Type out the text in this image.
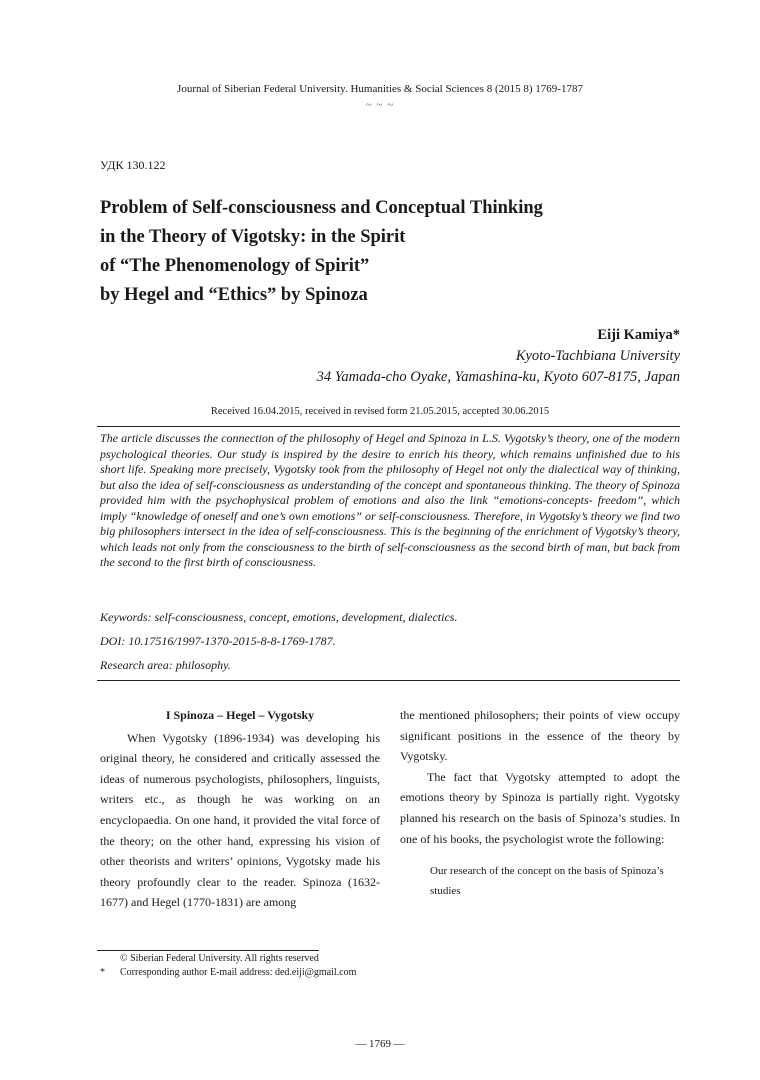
Journal of Siberian Federal University. Humanities & Social Sciences 8 (2015 8) 1769-1787
~ ~ ~
УДК 130.122
Problem of Self-consciousness and Conceptual Thinking
in the Theory of Vigotsky: in the Spirit
of “The Phenomenology of Spirit”
by Hegel and “Ethics” by Spinoza
Eiji Kamiya*
Kyoto-Tachbiana University
34 Yamada-cho Oyake, Yamashina-ku, Kyoto 607-8175, Japan
Received 16.04.2015, received in revised form 21.05.2015, accepted 30.06.2015
The article discusses the connection of the philosophy of Hegel and Spinoza in L.S. Vygotsky’s theory, one of the modern psychological theories. Our study is inspired by the desire to enrich his theory, which remains unfinished due to his short life. Speaking more precisely, Vygotsky took from the philosophy of Hegel not only the dialectical way of thinking, but also the idea of self-consciousness as understanding of the concept and spontaneous thinking. The theory of Spinoza provided him with the psychophysical problem of emotions and also the link “emotions-concepts- freedom”, which imply “knowledge of oneself and one’s own emotions” or self-consciousness. Therefore, in Vygotsky’s theory we find two big philosophers intersect in the idea of self-consciousness. This is the beginning of the enrichment of Vygotsky’s theory, which leads not only from the consciousness to the birth of self-consciousness as the second birth of man, but back from the second to the first birth of consciousness.
Keywords: self-consciousness, concept, emotions, development, dialectics.
DOI: 10.17516/1997-1370-2015-8-8-1769-1787.
Research area: philosophy.

I Spinoza – Hegel – Vygotsky

When Vygotsky (1896-1934) was developing his original theory, he considered and critically assessed the ideas of numerous psychologists, philosophers, linguists, writers etc., as though he was working on an encyclopaedia. On one hand, it provided the vital force of the theory; on the other hand, expressing his vision of other theorists and writers’ opinions, Vygotsky made his theory profoundly clear to the reader. Spinoza (1632-1677) and Hegel (1770-1831) are among

the mentioned philosophers; their points of view occupy significant positions in the essence of the theory by Vygotsky.

The fact that Vygotsky attempted to adopt the emotions theory by Spinoza is partially right. Vygotsky planned his research on the basis of Spinoza’s studies. In one of his books, the psychologist wrote the following:

Our research of the concept on the basis of Spinoza’s studies

© Siberian Federal University. All rights reserved
* Corresponding author E-mail address: ded.eiji@gmail.com
— 1769 —
